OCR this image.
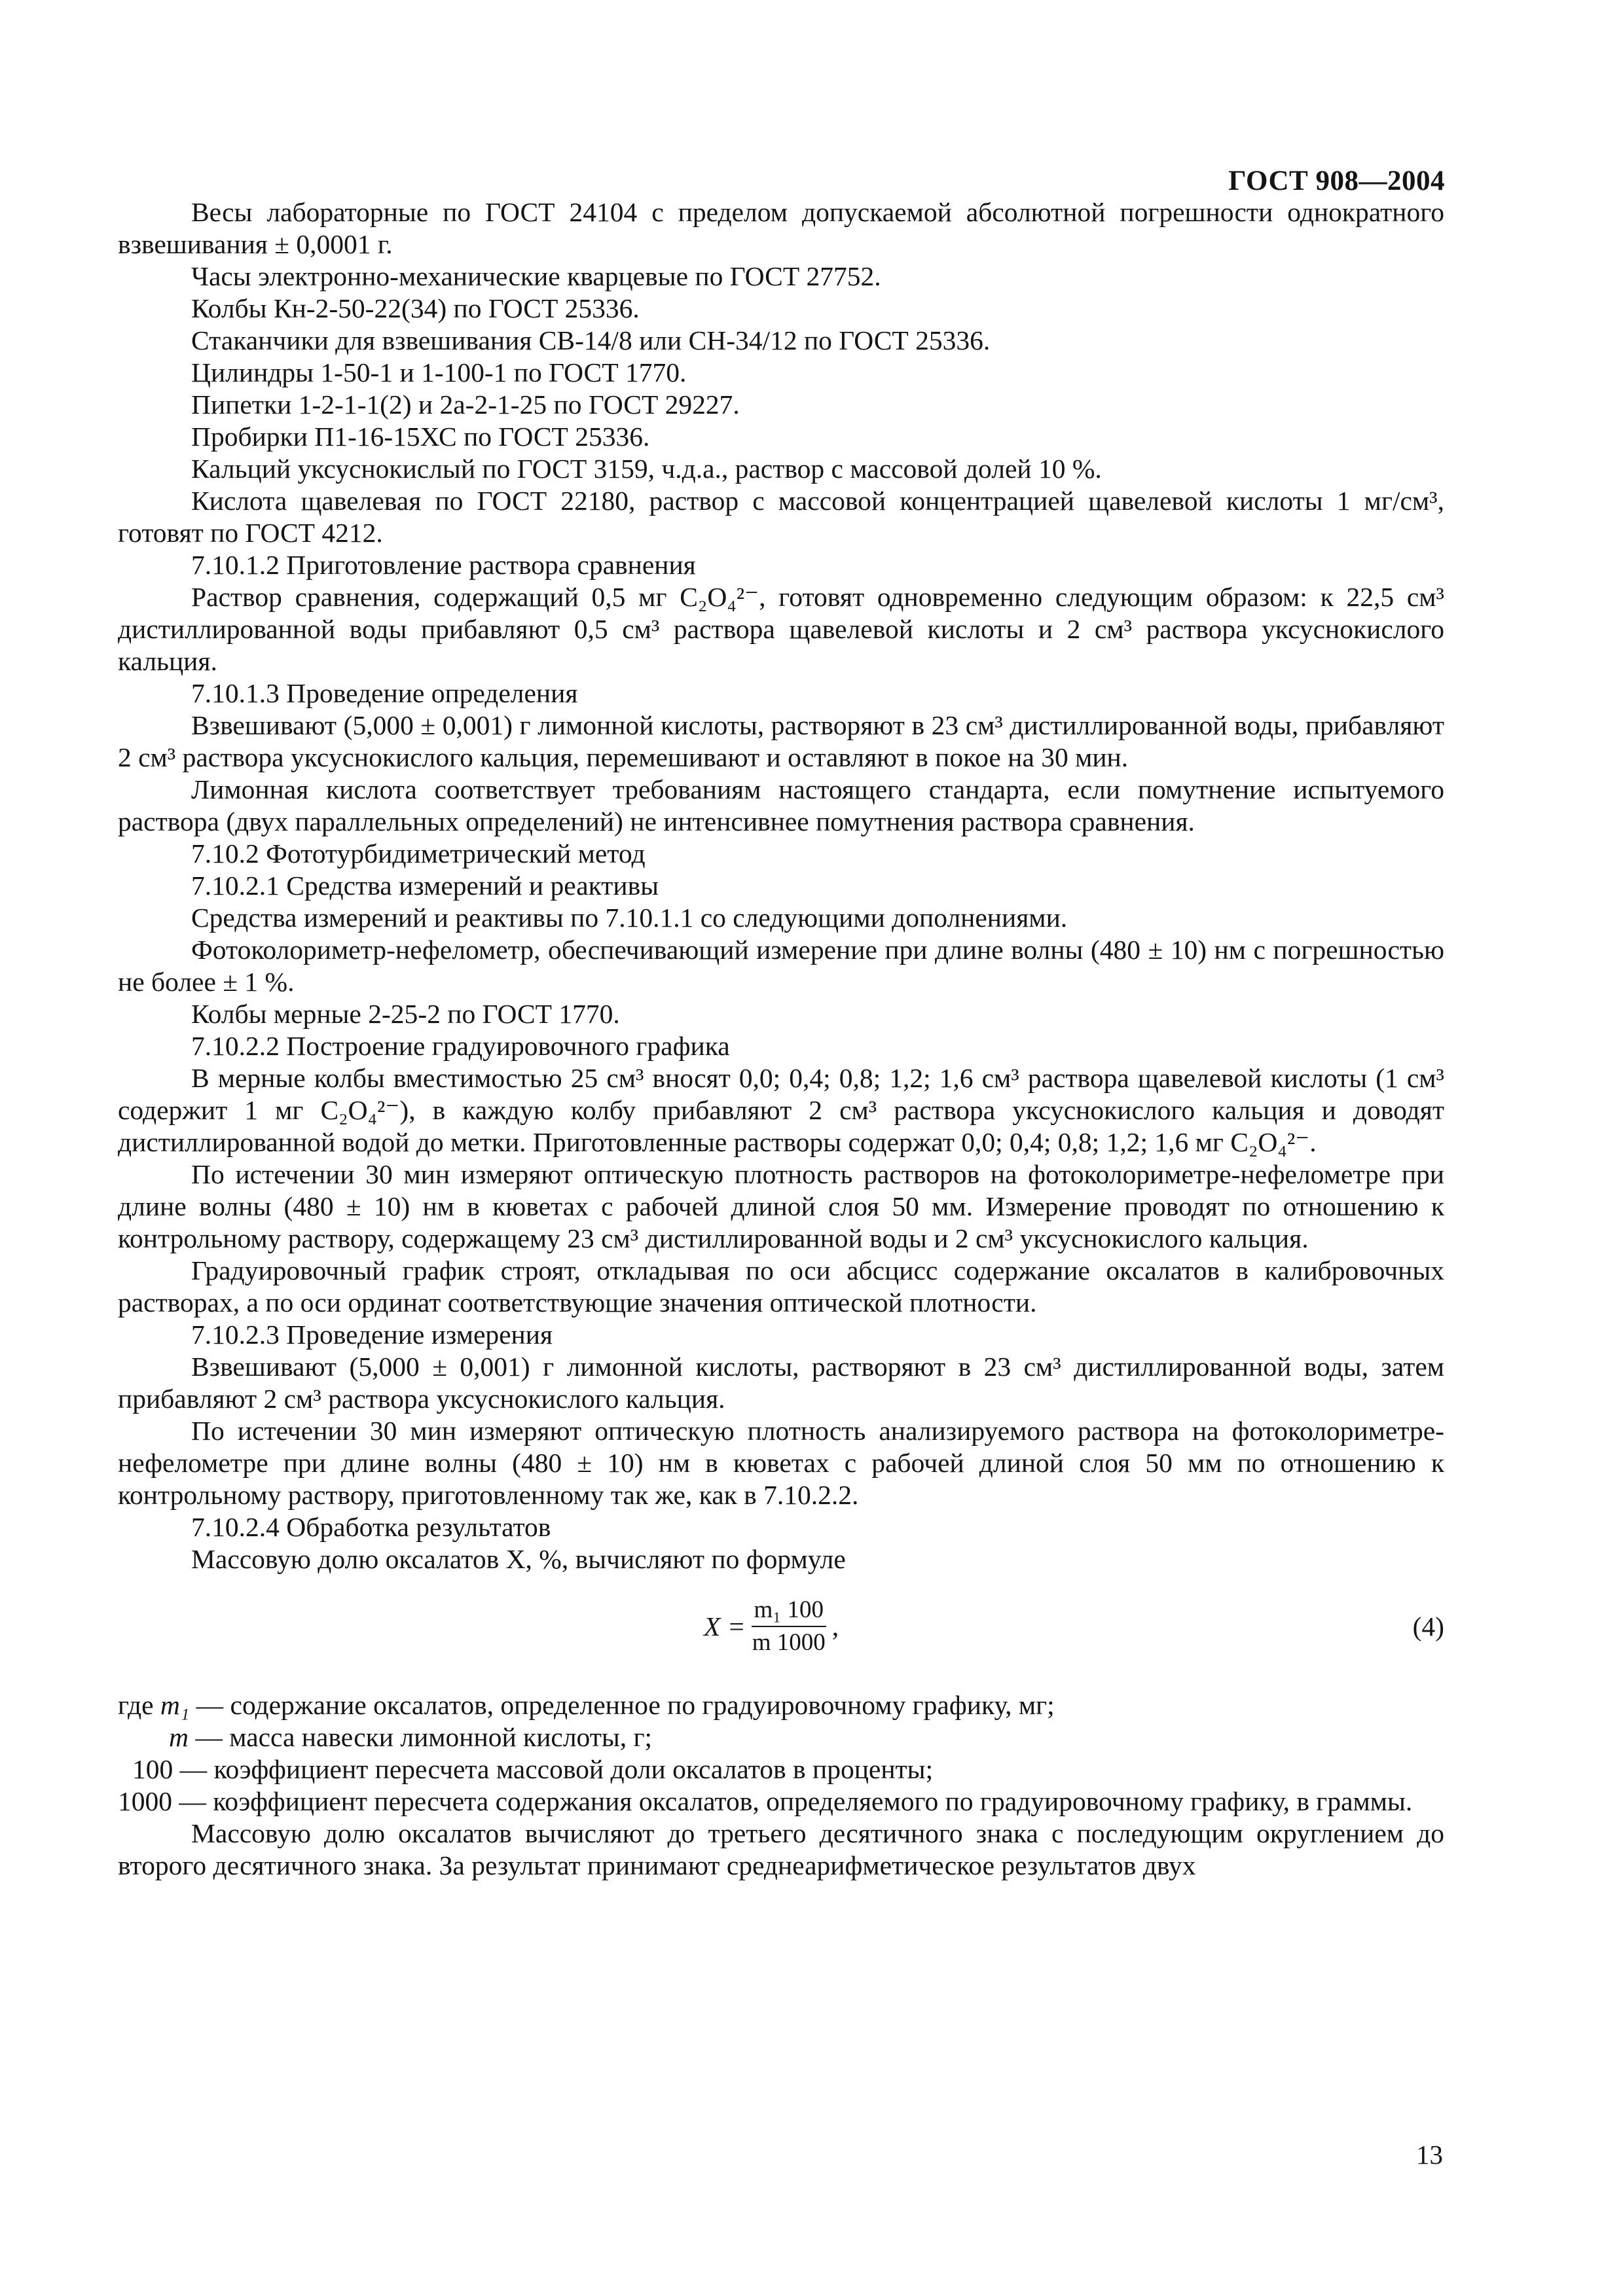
ГОСТ 908—2004

Весы лабораторные по ГОСТ 24104 с пределом допускаемой абсолютной погрешности однократного взвешивания ± 0,0001 г.

Часы электронно-механические кварцевые по ГОСТ 27752.

Колбы Кн-2-50-22(34) по ГОСТ 25336.

Стаканчики для взвешивания СВ-14/8 или СН-34/12 по ГОСТ 25336.

Цилиндры 1-50-1 и 1-100-1 по ГОСТ 1770.

Пипетки 1-2-1-1(2) и 2а-2-1-25 по ГОСТ 29227.

Пробирки П1-16-15ХС по ГОСТ 25336.

Кальций уксуснокислый по ГОСТ 3159, ч.д.а., раствор с массовой долей 10 %.

Кислота щавелевая по ГОСТ 22180, раствор с массовой концентрацией щавелевой кислоты 1 мг/см³, готовят по ГОСТ 4212.

7.10.1.2 Приготовление раствора сравнения

Раствор сравнения, содержащий 0,5 мг C₂O₄²⁻, готовят одновременно следующим образом: к 22,5 см³ дистиллированной воды прибавляют 0,5 см³ раствора щавелевой кислоты и 2 см³ раствора уксуснокислого кальция.

7.10.1.3 Проведение определения

Взвешивают (5,000 ± 0,001) г лимонной кислоты, растворяют в 23 см³ дистиллированной воды, прибавляют 2 см³ раствора уксуснокислого кальция, перемешивают и оставляют в покое на 30 мин.

Лимонная кислота соответствует требованиям настоящего стандарта, если помутнение испытуемого раствора (двух параллельных определений) не интенсивнее помутнения раствора сравнения.

7.10.2 Фототурбидиметрический метод

7.10.2.1 Средства измерений и реактивы

Средства измерений и реактивы по 7.10.1.1 со следующими дополнениями.

Фотоколориметр-нефелометр, обеспечивающий измерение при длине волны (480 ± 10) нм с погрешностью не более ± 1 %.

Колбы мерные 2-25-2 по ГОСТ 1770.

7.10.2.2 Построение градуировочного графика

В мерные колбы вместимостью 25 см³ вносят 0,0; 0,4; 0,8; 1,2; 1,6 см³ раствора щавелевой кислоты (1 см³ содержит 1 мг C₂O₄²⁻), в каждую колбу прибавляют 2 см³ раствора уксуснокислого кальция и доводят дистиллированной водой до метки. Приготовленные растворы содержат 0,0; 0,4; 0,8; 1,2; 1,6 мг C₂O₄²⁻.

По истечении 30 мин измеряют оптическую плотность растворов на фотоколориметре-нефелометре при длине волны (480 ± 10) нм в кюветах с рабочей длиной слоя 50 мм. Измерение проводят по отношению к контрольному раствору, содержащему 23 см³ дистиллированной воды и 2 см³ уксуснокислого кальция.

Градуировочный график строят, откладывая по оси абсцисс содержание оксалатов в калибровочных растворах, а по оси ординат соответствующие значения оптической плотности.

7.10.2.3 Проведение измерения

Взвешивают (5,000 ± 0,001) г лимонной кислоты, растворяют в 23 см³ дистиллированной воды, затем прибавляют 2 см³ раствора уксуснокислого кальция.

По истечении 30 мин измеряют оптическую плотность анализируемого раствора на фотоколориметре-нефелометре при длине волны (480 ± 10) нм в кюветах с рабочей длиной слоя 50 мм по отношению к контрольному раствору, приготовленному так же, как в 7.10.2.2.

7.10.2.4 Обработка результатов

Массовую долю оксалатов X, %, вычисляют по формуле

$X = \frac{\text{m₁ 100}}{m 1000}$ ,	(4)

где m₁ — содержание оксалатов, определенное по градуировочному графику, мг;

m — масса навески лимонной кислоты, г;

100 — коэффициент пересчета массовой доли оксалатов в проценты;

1000 — коэффициент пересчета содержания оксалатов, определяемого по градуировочному графику, в граммы.

Массовую долю оксалатов вычисляют до третьего десятичного знака с последующим округлением до второго десятичного знака. За результат принимают среднеарифметическое результатов двух

13
